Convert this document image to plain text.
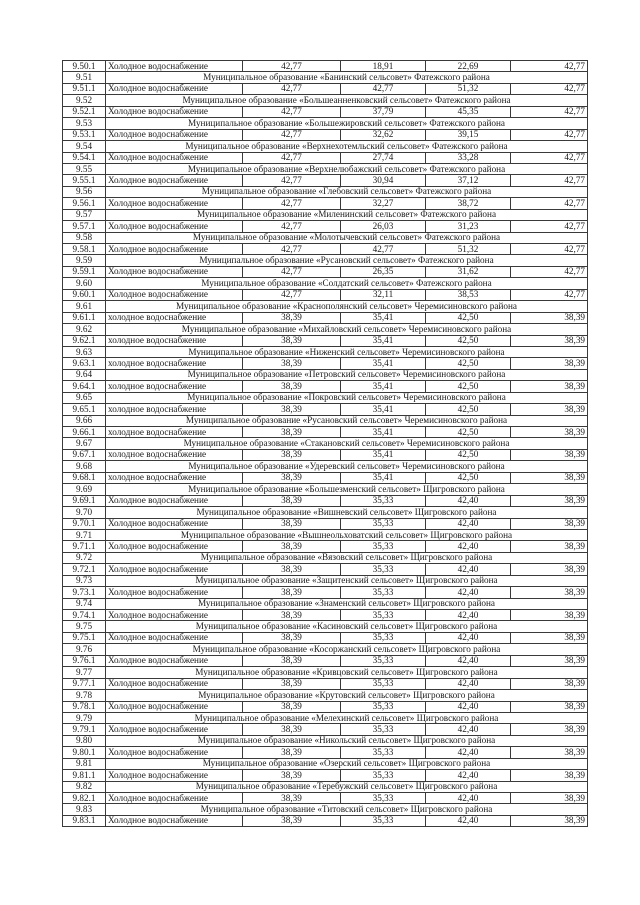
9.50.1	Холодное водоснабжение	42,77	18,91	22,69	42,77
9.51	Муниципальное образование «Банинский сельсовет» Фатежского района				
9.51.1	Холодное водоснабжение	42,77	42,77	51,32	42,77
9.52	Муниципальное образование «Большеанненковский сельсовет» Фатежского района				
9.52.1	Холодное водоснабжение	42,77	37,79	45,35	42,77
9.53	Муниципальное образование «Большежировский сельсовет» Фатежского района				
9.53.1	Холодное водоснабжение	42,77	32,62	39,15	42,77
9.54	Муниципальное образование «Верхнехотемльский сельсовет» Фатежского района				
9.54.1	Холодное водоснабжение	42,77	27,74	33,28	42,77
9.55	Муниципальное образование «Верхнелюбажский сельсовет» Фатежского района				
9.55.1	Холодное водоснабжение	42,77	30,94	37,12	42,77
9.56	Муниципальное образование «Глебовский сельсовет» Фатежского района				
9.56.1	Холодное водоснабжение	42,77	32,27	38,72	42,77
9.57	Муниципальное образование «Миленинский сельсовет» Фатежского района				
9.57.1	Холодное водоснабжение	42,77	26,03	31,23	42,77
9.58	Муниципальное образование «Молотычевский сельсовет» Фатежского района				
9.58.1	Холодное водоснабжение	42,77	42,77	51,32	42,77
9.59	Муниципальное образование «Русановский сельсовет» Фатежского района				
9.59.1	Холодное водоснабжение	42,77	26,35	31,62	42,77
9.60	Муниципальное образование «Солдатский сельсовет» Фатежского района				
9.60.1	Холодное водоснабжение	42,77	32,11	38,53	42,77
9.61	Муниципальное образование «Краснополянский сельсовет» Черемисиновского района				
9.61.1	холодное водоснабжение	38,39	35,41	42,50	38,39
9.62	Муниципальное образование «Михайловский сельсовет» Черемисиновского района				
9.62.1	холодное водоснабжение	38,39	35,41	42,50	38,39
9.63	Муниципальное образование «Ниженский сельсовет» Черемисиновского района				
9.63.1	холодное водоснабжение	38,39	35,41	42,50	38,39
9.64	Муниципальное образование «Петровский сельсовет» Черемисиновского района				
9.64.1	холодное водоснабжение	38,39	35,41	42,50	38,39
9.65	Муниципальное образование «Покровский сельсовет» Черемисиновского района				
9.65.1	холодное водоснабжение	38,39	35,41	42,50	38,39
9.66	Муниципальное образование «Русановский сельсовет» Черемисиновского района				
9.66.1	холодное водоснабжение	38,39	35,41	42,50	38,39
9.67	Муниципальное образование «Стакановский сельсовет» Черемисиновского района				
9.67.1	холодное водоснабжение	38,39	35,41	42,50	38,39
9.68	Муниципальное образование «Удеревский сельсовет» Черемисиновского района				
9.68.1	холодное водоснабжение	38,39	35,41	42,50	38,39
9.69	Муниципальное образование «Большезменский сельсовет» Щигровского района				
9.69.1	Холодное водоснабжение	38,39	35,33	42,40	38,39
9.70	Муниципальное образование «Вишневский сельсовет» Щигровского района				
9.70.1	Холодное водоснабжение	38,39	35,33	42,40	38,39
9.71	Муниципальное образование «Вышнеольховатский сельсовет» Щигровского района				
9.71.1	Холодное водоснабжение	38,39	35,33	42,40	38,39
9.72	Муниципальное образование «Вязовский сельсовет» Щигровского района				
9.72.1	Холодное водоснабжение	38,39	35,33	42,40	38,39
9.73	Муниципальное образование «Защитенский сельсовет» Щигровского района				
9.73.1	Холодное водоснабжение	38,39	35,33	42,40	38,39
9.74	Муниципальное образование «Знаменский сельсовет» Щигровского района				
9.74.1	Холодное водоснабжение	38,39	35,33	42,40	38,39
9.75	Муниципальное образование «Касиновский сельсовет» Щигровского района				
9.75.1	Холодное водоснабжение	38,39	35,33	42,40	38,39
9.76	Муниципальное образование «Косоржанский сельсовет» Щигровского района				
9.76.1	Холодное водоснабжение	38,39	35,33	42,40	38,39
9.77	Муниципальное образование «Кривцовский сельсовет» Щигровского района				
9.77.1	Холодное водоснабжение	38,39	35,33	42,40	38,39
9.78	Муниципальное образование «Крутовский сельсовет» Щигровского района				
9.78.1	Холодное водоснабжение	38,39	35,33	42,40	38,39
9.79	Муниципальное образование «Мелехинский сельсовет» Щигровского района				
9.79.1	Холодное водоснабжение	38,39	35,33	42,40	38,39
9.80	Муниципальное образование «Никольский сельсовет» Щигровского района				
9.80.1	Холодное водоснабжение	38,39	35,33	42,40	38,39
9.81	Муниципальное образование «Озерский сельсовет» Щигровского района				
9.81.1	Холодное водоснабжение	38,39	35,33	42,40	38,39
9.82	Муниципальное образование «Теребужский сельсовет» Щигровского района				
9.82.1	Холодное водоснабжение	38,39	35,33	42,40	38,39
9.83	Муниципальное образование «Титовский сельсовет» Щигровского района				
9.83.1	Холодное водоснабжение	38,39	35,33	42,40	38,39
